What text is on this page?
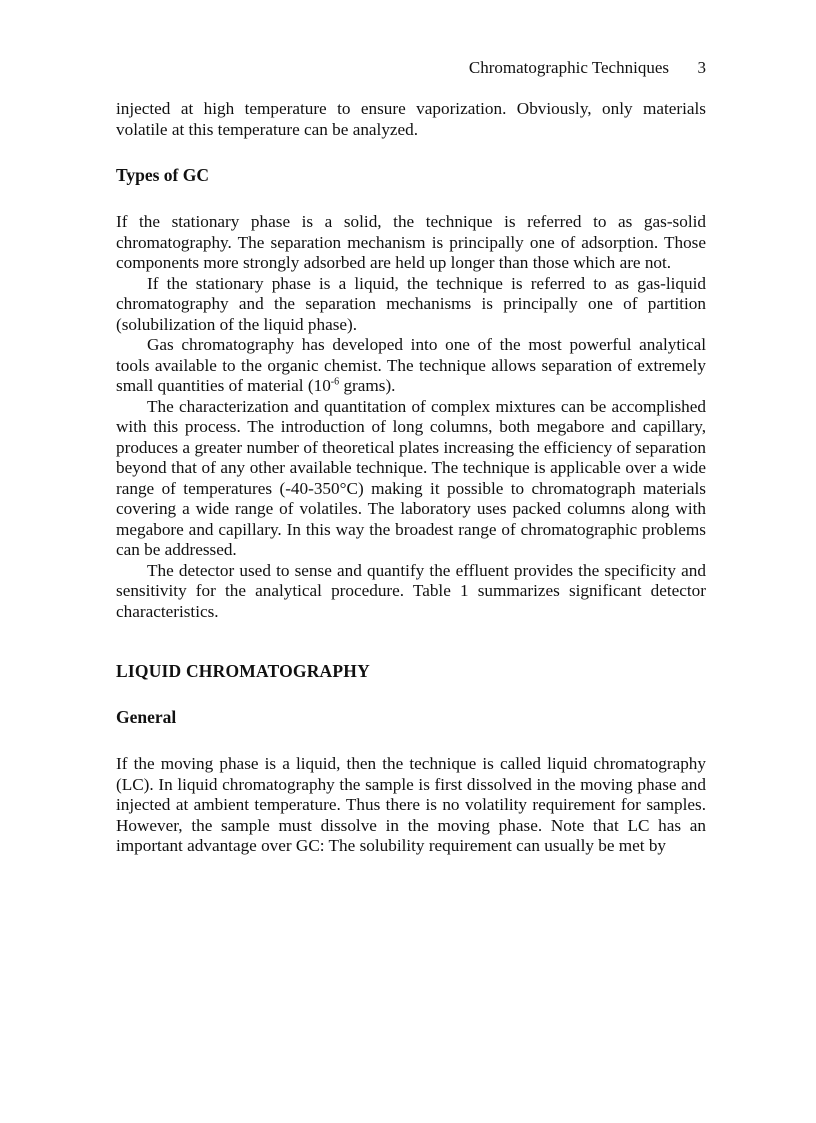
Chromatographic Techniques 3

injected at high temperature to ensure vaporization. Obviously, only materials volatile at this temperature can be analyzed.

Types of GC

If the stationary phase is a solid, the technique is referred to as gas-solid chromatography. The separation mechanism is principally one of adsorption. Those components more strongly adsorbed are held up longer than those which are not.

If the stationary phase is a liquid, the technique is referred to as gas-liquid chromatography and the separation mechanisms is principally one of partition (solubilization of the liquid phase).

Gas chromatography has developed into one of the most powerful analytical tools available to the organic chemist. The technique allows separation of extremely small quantities of material ($10^{-6}$ grams).

The characterization and quantitation of complex mixtures can be accomplished with this process. The introduction of long columns, both megabore and capillary, produces a greater number of theoretical plates increasing the efficiency of separation beyond that of any other available technique. The technique is applicable over a wide range of temperatures (-40-350°C) making it possible to chromatograph materials covering a wide range of volatiles. The laboratory uses packed columns along with megabore and capillary. In this way the broadest range of chromatographic problems can be addressed.

The detector used to sense and quantify the effluent provides the specificity and sensitivity for the analytical procedure. Table 1 summarizes significant detector characteristics.

LIQUID CHROMATOGRAPHY
General

If the moving phase is a liquid, then the technique is called liquid chromatography (LC). In liquid chromatography the sample is first dissolved in the moving phase and injected at ambient temperature. Thus there is no volatility requirement for samples. However, the sample must dissolve in the moving phase. Note that LC has an important advantage over GC: The solubility requirement can usually be met by
